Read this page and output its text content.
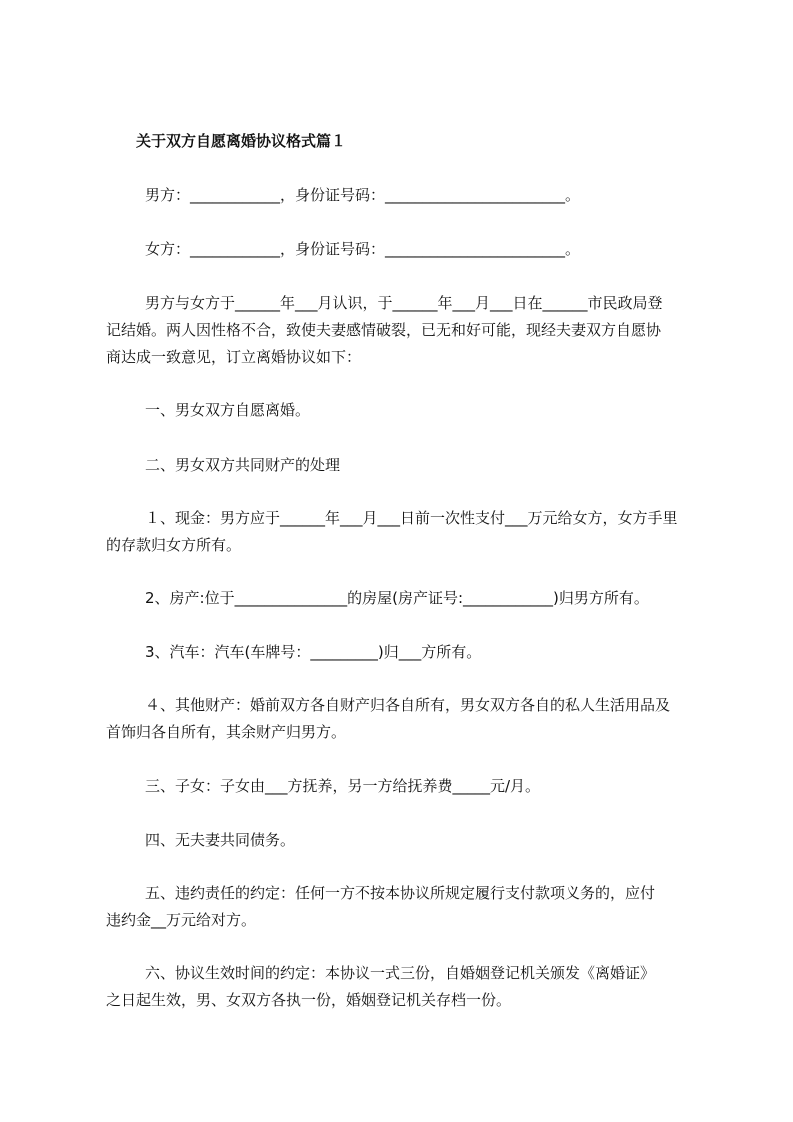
关于双方自愿离婚协议格式篇１
男方：____________，身份证号码：________________________。
女方：____________，身份证号码：________________________。
男方与女方于______年___月认识，于______年___月___日在______市民政局登
记结婚。两人因性格不合，致使夫妻感情破裂，已无和好可能，现经夫妻双方自愿协
商达成一致意见，订立离婚协议如下：
一、男女双方自愿离婚。
二、男女双方共同财产的处理
１、现金：男方应于______年___月___日前一次性支付___万元给女方，女方手里
的存款归女方所有。
2、房产:位于_______________的房屋(房产证号:____________)归男方所有。
3、汽车：汽车(车牌号：_________)归___方所有。
４、其他财产：婚前双方各自财产归各自所有，男女双方各自的私人生活用品及
首饰归各自所有，其余财产归男方。
三、子女：子女由___方抚养，另一方给抚养费_____元/月。
四、无夫妻共同债务。
五、违约责任的约定：任何一方不按本协议所规定履行支付款项义务的，应付
违约金__万元给对方。
六、协议生效时间的约定：本协议一式三份，自婚姻登记机关颁发《离婚证》
之日起生效，男、女双方各执一份，婚姻登记机关存档一份。
